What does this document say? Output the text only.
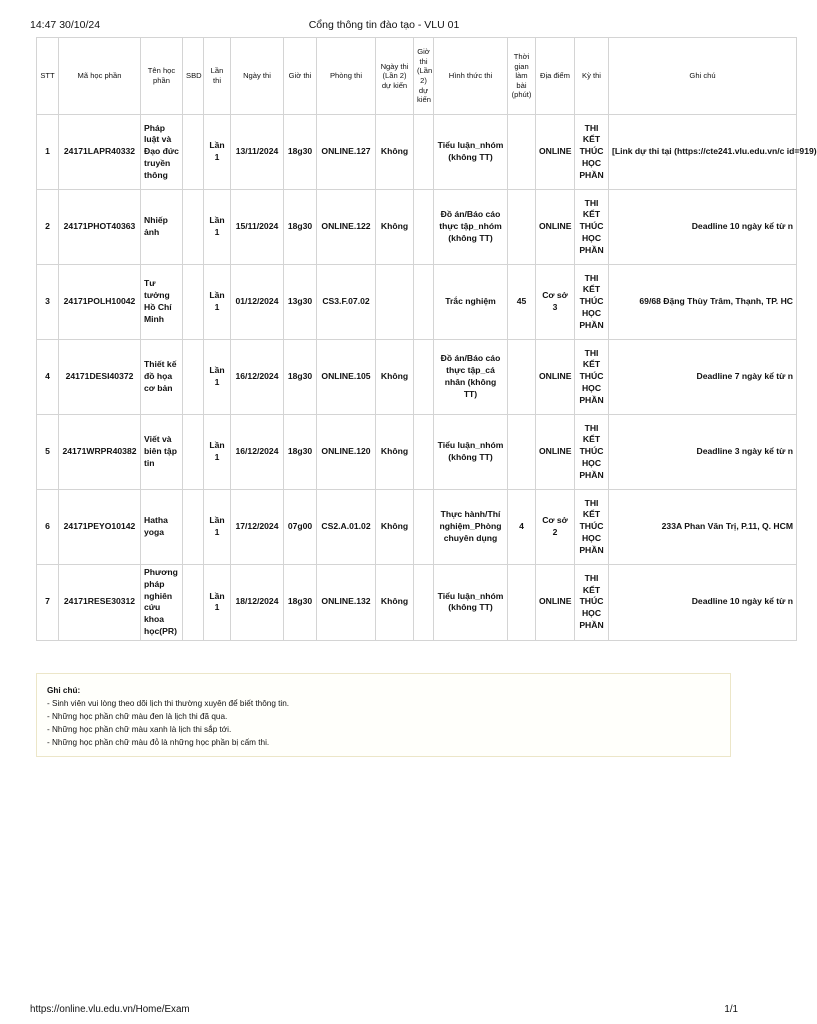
14:47 30/10/24	Cổng thông tin đào tạo - VLU 01
STT	Mã học phần	Tên học phần	SBD	Lần thi	Ngày thi	Giờ thi	Phòng thi	Ngày thi (Lần 2) dự kiến	Giờ thi (Lần 2) dự kiến	Hình thức thi	Thời gian làm bài (phút)	Địa điểm	Kỳ thi	Ghi chú
1	24171LAPR40332	Pháp luật và Đạo đức truyền thông		Lần 1	13/11/2024	18g30	ONLINE.127	Không		Tiểu luận_nhóm (không TT)		ONLINE	THI KẾT THÚC HỌC PHẦN	[Link dự thi tại (https://cte241.vlu.edu.vn/c id=919)
2	24171PHOT40363	Nhiếp ảnh		Lần 1	15/11/2024	18g30	ONLINE.122	Không		Đồ án/Báo cáo thực tập_nhóm (không TT)		ONLINE	THI KẾT THÚC HỌC PHẦN	Deadline 10 ngày kể từ n
3	24171POLH10042	Tư tưởng Hồ Chí Minh		Lần 1	01/12/2024	13g30	CS3.F.07.02			Trắc nghiệm	45	Cơ sở 3	THI KẾT THÚC HỌC PHẦN	69/68 Đặng Thùy Trâm, Thạnh, TP. HC
4	24171DESI40372	Thiết kế đồ họa cơ bản		Lần 1	16/12/2024	18g30	ONLINE.105	Không		Đồ án/Báo cáo thực tập_cá nhân (không TT)		ONLINE	THI KẾT THÚC HỌC PHẦN	Deadline 7 ngày kể từ n
5	24171WRPR40382	Viết và biên tập tin		Lần 1	16/12/2024	18g30	ONLINE.120	Không		Tiểu luận_nhóm (không TT)		ONLINE	THI KẾT THÚC HỌC PHẦN	Deadline 3 ngày kể từ n
6	24171PEYO10142	Hatha yoga		Lần 1	17/12/2024	07g00	CS2.A.01.02	Không		Thực hành/Thí nghiệm_Phòng chuyên dụng	4	Cơ sở 2	THI KẾT THÚC HỌC PHẦN	233A Phan Văn Trị, P.11, Q. HCM
7	24171RESE30312	Phương pháp nghiên cứu khoa học(PR)		Lần 1	18/12/2024	18g30	ONLINE.132	Không		Tiểu luận_nhóm (không TT)		ONLINE	THI KẾT THÚC HỌC PHẦN	Deadline 10 ngày kể từ n
Ghi chú:
- Sinh viên vui lòng theo dõi lịch thi thường xuyên để biết thông tin.
- Những học phần chữ màu đen là lịch thi đã qua.
- Những học phần chữ màu xanh là lịch thi sắp tới.
- Những học phần chữ màu đỏ là những học phần bị cấm thi.
https://online.vlu.edu.vn/Home/Exam	1/1
